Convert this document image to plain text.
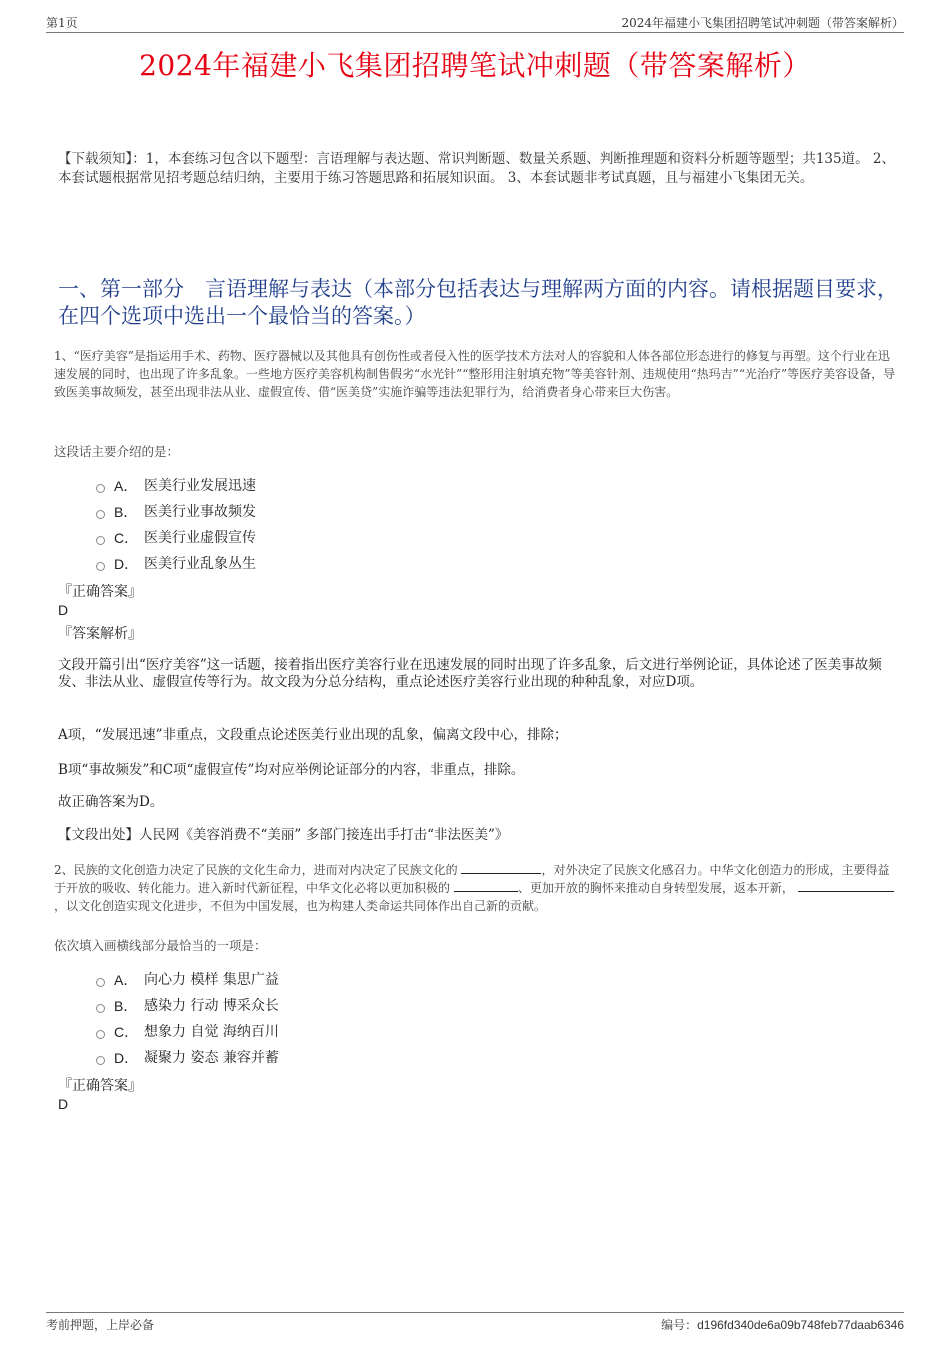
第1页	2024年福建小飞集团招聘笔试冲刺题（带答案解析）
2024年福建小飞集团招聘笔试冲刺题（带答案解析）
【下载须知】：1，本套练习包含以下题型：言语理解与表达题、常识判断题、数量关系题、判断推理题和资料分析题等题型；共135道。 2、本套试题根据常见招考题总结归纳，主要用于练习答题思路和拓展知识面。 3、本套试题非考试真题，且与福建小飞集团无关。
一、第一部分　言语理解与表达（本部分包括表达与理解两方面的内容。请根据题目要求，在四个选项中选出一个最恰当的答案。）
1、“医疗美容”是指运用手术、药物、医疗器械以及其他具有创伤性或者侵入性的医学技术方法对人的容貌和人体各部位形态进行的修复与再塑。这个行业在迅速发展的同时，也出现了许多乱象。一些地方医疗美容机构制售假劣“水光针”“整形用注射填充物”等美容针剂、违规使用“热玛吉”“光治疗”等医疗美容设备，导致医美事故频发，甚至出现非法从业、虚假宣传、借“医美贷”实施诈骗等违法犯罪行为，给消费者身心带来巨大伤害。
这段话主要介绍的是：
A． 医美行业发展迅速
B． 医美行业事故频发
C． 医美行业虚假宣传
D． 医美行业乱象丛生
『正确答案』
D
『答案解析』
文段开篇引出“医疗美容”这一话题，接着指出医疗美容行业在迅速发展的同时出现了许多乱象，后文进行举例论证，具体论述了医美事故频发、非法从业、虚假宣传等行为。故文段为分总分结构，重点论述医疗美容行业出现的种种乱象，对应D项。
A项，“发展迅速”非重点，文段重点论述医美行业出现的乱象，偏离文段中心，排除；
B项“事故频发”和C项“虚假宣传”均对应举例论证部分的内容，非重点，排除。
故正确答案为D。
【文段出处】人民网《美容消费不“美丽” 多部门接连出手打击“非法医美”》
2、民族的文化创造力决定了民族的文化生命力，进而对内决定了民族文化的	，对外决定了民族文化感召力。中华文化创造力的形成，主要得益于开放的吸收、转化能力。进入新时代新征程，中华文化必将以更加积极的	、更加开放的胸怀来推动自身转型发展，返本开新， ，以文化创造实现文化进步，不但为中国发展，也为构建人类命运共同体作出自己新的贡献。
依次填入画横线部分最恰当的一项是：
A． 向心力 模样 集思广益
B． 感染力 行动 博采众长
C． 想象力 自觉 海纳百川
D． 凝聚力 姿态 兼容并蓄
『正确答案』
D
考前押题，上岸必备	编号：d196fd340de6a09b748feb77daab6346
